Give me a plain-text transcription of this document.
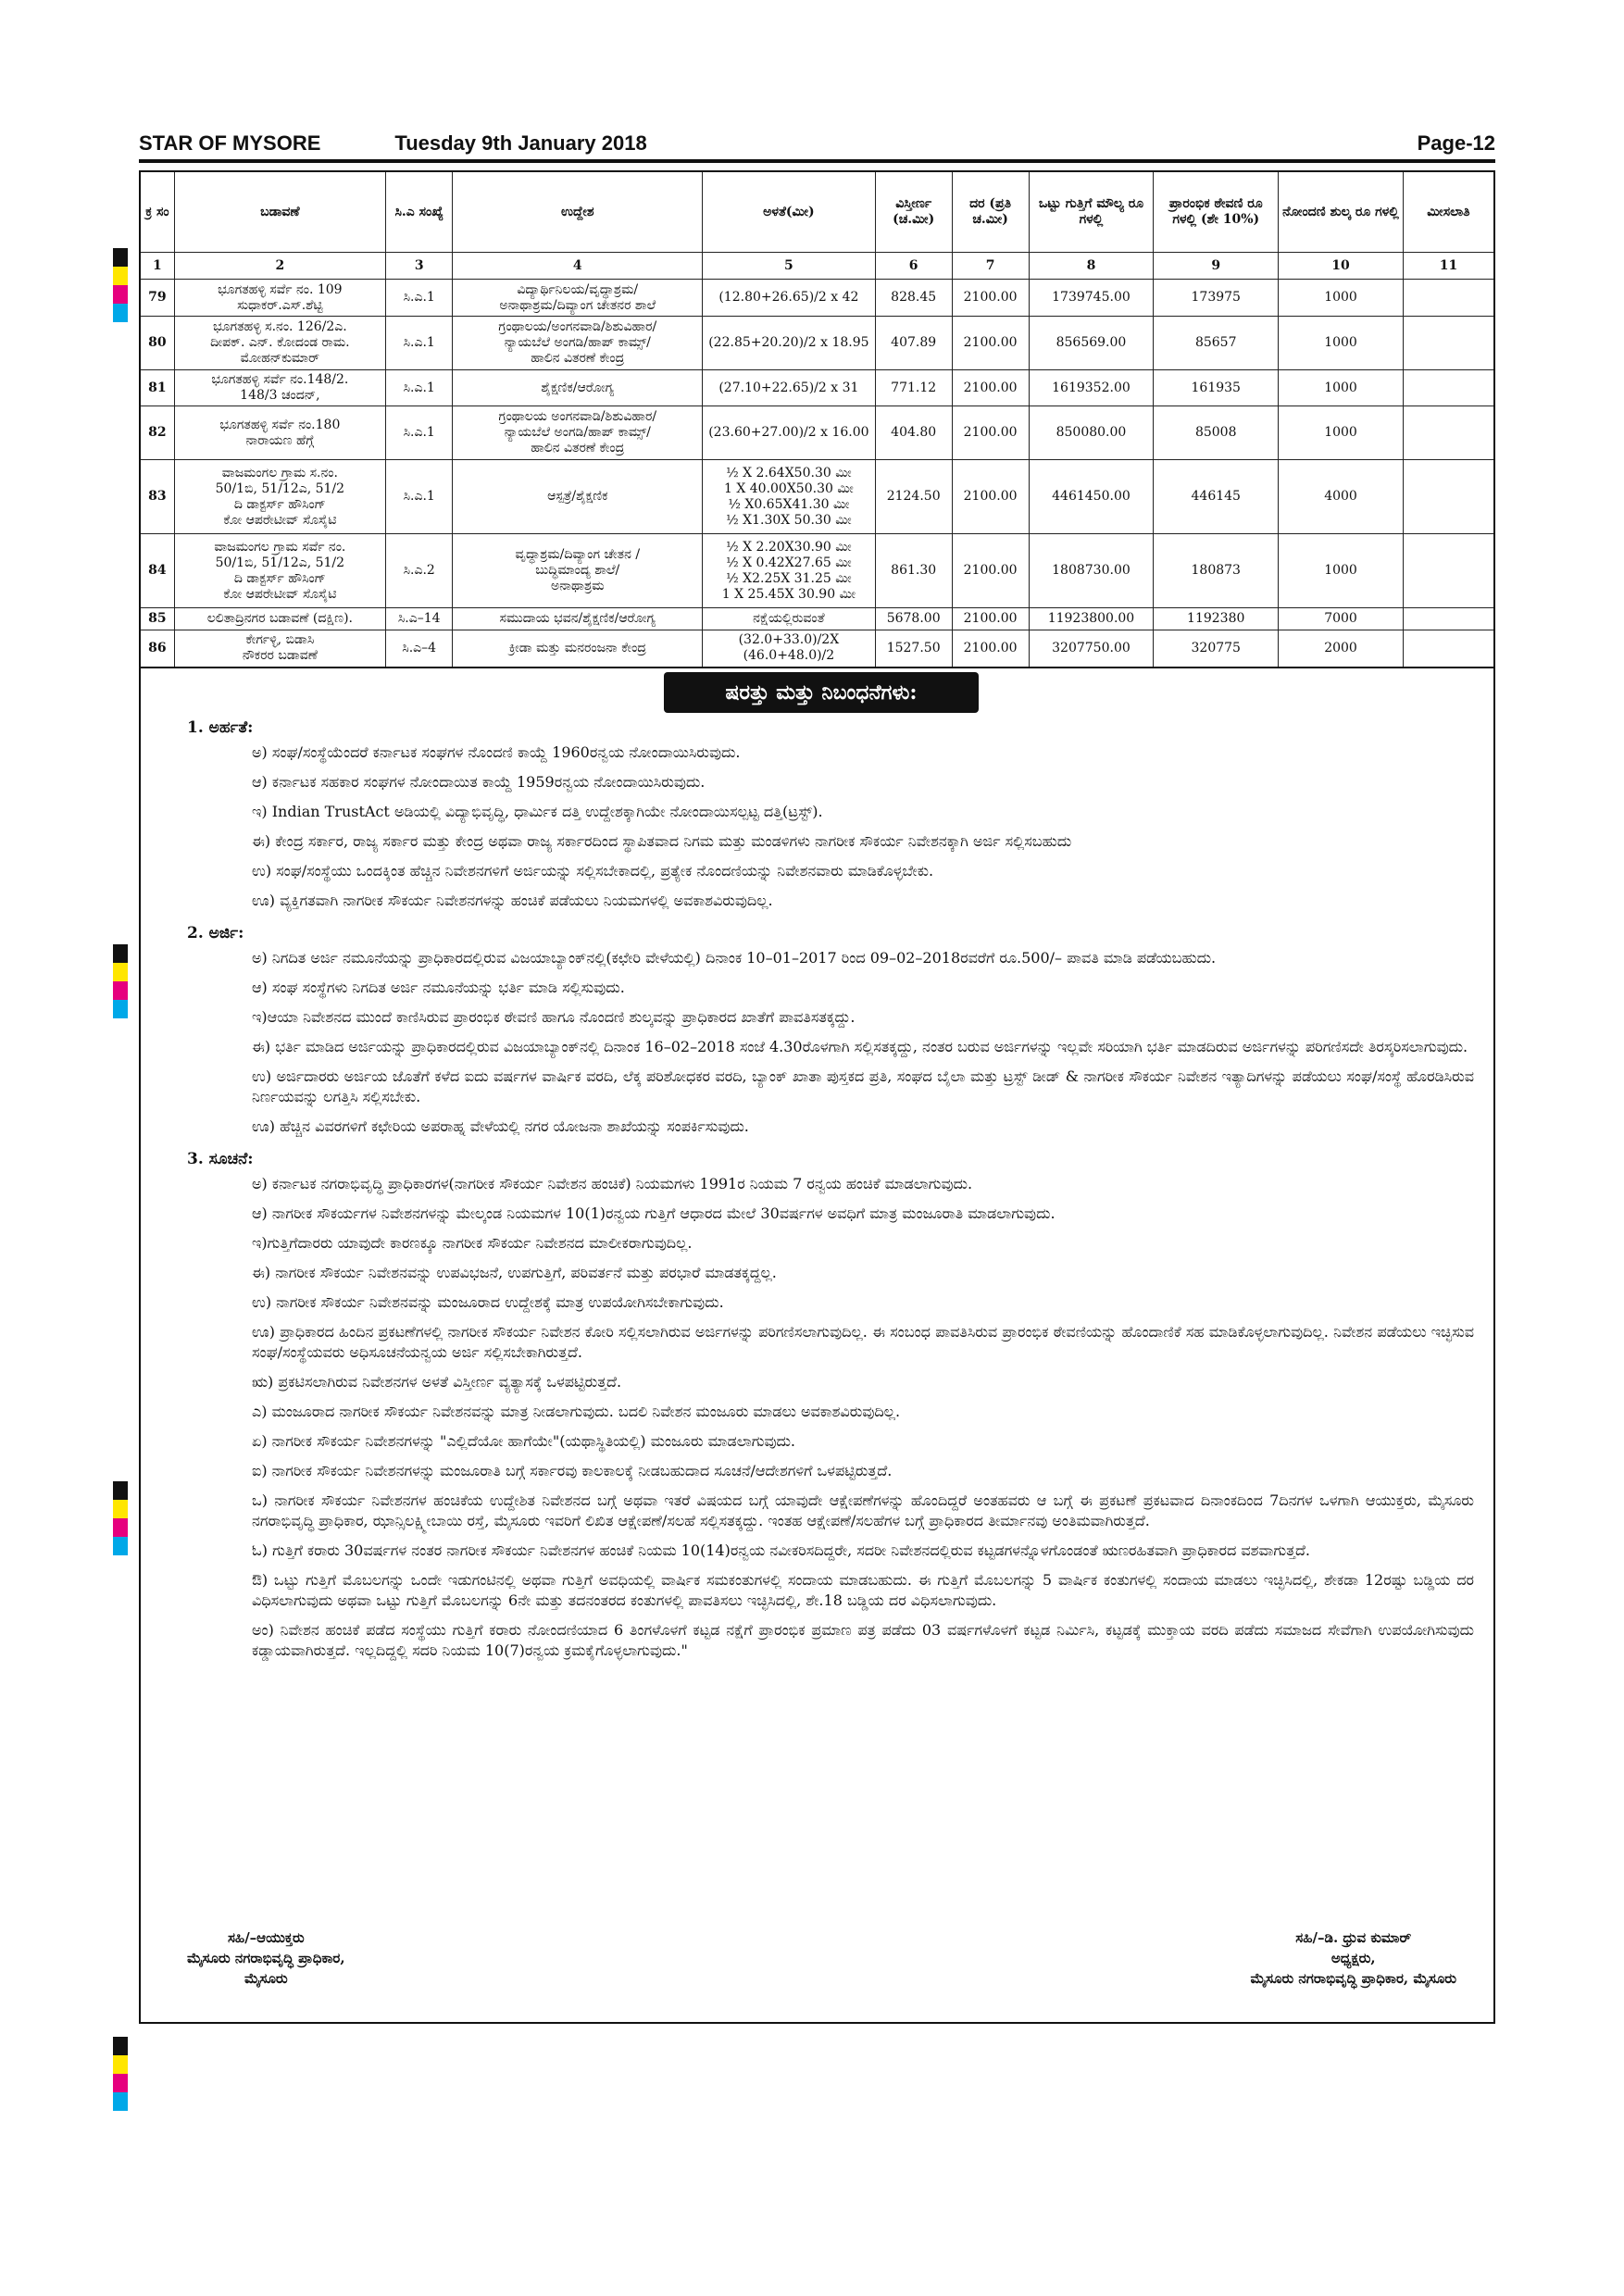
STAR OF MYSORE	Tuesday 9th January 2018	Page-12
ಕ್ರ ಸಂ	ಬಡಾವಣೆ	ಸಿ.ಎ ಸಂಖ್ಯೆ	ಉದ್ದೇಶ	ಅಳತೆ(ಮೀ)	ವಿಸ್ತೀರ್ಣ (ಚ.ಮೀ)	ದರ (ಪ್ರತಿ ಚ.ಮೀ)	ಒಟ್ಟು ಗುತ್ತಿಗೆ ಮೌಲ್ಯ ರೂ ಗಳಲ್ಲಿ	ಪ್ರಾರಂಭಿಕ ಠೇವಣಿ ರೂ ಗಳಲ್ಲಿ (ಶೇ 10%)	ನೋಂದಣಿ ಶುಲ್ಕ ರೂ ಗಳಲ್ಲಿ	ಮೀಸಲಾತಿ
1	2	3	4	5	6	7	8	9	10	11
79	ಭೂಗತಹಳ್ಳಿ ಸರ್ವೆ ನಂ. 109
ಸುಧಾಕರ್.ಎಸ್.ಶೆಟ್ಟಿ	ಸಿ.ಎ.1	ವಿದ್ಯಾರ್ಥಿನಿಲಯ/ವೃದ್ಧಾಶ್ರಮ/
ಅನಾಥಾಶ್ರಮ/ದಿವ್ಯಾಂಗ ಚೇತನರ ಶಾಲೆ	(12.80+26.65)/2 x 42	828.45	2100.00	1739745.00	173975	1000	
80	ಭೂಗತಹಳ್ಳಿ ಸ.ನಂ. 126/2ಎ.
ದೀಪಕ್. ಎನ್. ಕೋದಂಡ ರಾಮ.
ಮೋಹನ್‌ಕುಮಾರ್	ಸಿ.ಎ.1	ಗ್ರಂಥಾಲಯ/ಅಂಗನವಾಡಿ/ಶಿಶುವಿಹಾರ/
ನ್ಯಾಯಬೆಲೆ ಅಂಗಡಿ/ಹಾಪ್ ಕಾಮ್ಸ್/
ಹಾಲಿನ ವಿತರಣೆ ಕೇಂದ್ರ	(22.85+20.20)/2 x 18.95	407.89	2100.00	856569.00	85657	1000	
81	ಭೂಗತಹಳ್ಳಿ ಸರ್ವೆ ನಂ.148/2.
148/3 ಚಂದನ್,	ಸಿ.ಎ.1	ಶೈಕ್ಷಣಿಕ/ಆರೋಗ್ಯ	(27.10+22.65)/2 x 31	771.12	2100.00	1619352.00	161935	1000	
82	ಭೂಗತಹಳ್ಳಿ ಸರ್ವೆ ನಂ.180
ನಾರಾಯಣ ಹೆಗ್ಗೆ	ಸಿ.ಎ.1	ಗ್ರಂಥಾಲಯ ಅಂಗನವಾಡಿ/ಶಿಶುವಿಹಾರ/
ನ್ಯಾಯಬೆಲೆ ಅಂಗಡಿ/ಹಾಪ್ ಕಾಮ್ಸ್/
ಹಾಲಿನ ವಿತರಣೆ ಕೇಂದ್ರ	(23.60+27.00)/2 x 16.00	404.80	2100.00	850080.00	85008	1000	
83	ವಾಜಮಂಗಲ ಗ್ರಾಮ ಸ.ನಂ.
50/1ಬಿ, 51/12ಎ, 51/2
ದಿ ಡಾಕ್ಟರ್ಸ್ ಹೌಸಿಂಗ್
ಕೋ ಆಪರೇಟೀವ್ ಸೊಸೈಟಿ	ಸಿ.ಎ.1	ಆಸ್ಪತ್ರೆ/ಶೈಕ್ಷಣಿಕ	½ X 2.64X50.30 ಮೀ
1 X 40.00X50.30 ಮೀ
½ X0.65X41.30 ಮೀ
½ X1.30X 50.30 ಮೀ	2124.50	2100.00	4461450.00	446145	4000	
84	ವಾಜಮಂಗಲ ಗ್ರಾಮ ಸರ್ವೆ ನಂ.
50/1ಬಿ, 51/12ಎ, 51/2
ದಿ ಡಾಕ್ಟರ್ಸ್ ಹೌಸಿಂಗ್
ಕೋ ಆಪರೇಟೀವ್ ಸೊಸೈಟಿ	ಸಿ.ಎ.2	ವೃದ್ಧಾಶ್ರಮ/ದಿವ್ಯಾಂಗ ಚೇತನ /
ಬುದ್ಧಿಮಾಂದ್ಯ ಶಾಲೆ/
ಅನಾಥಾಶ್ರಮ	½ X 2.20X30.90 ಮೀ
½ X 0.42X27.65 ಮೀ
½ X2.25X 31.25 ಮೀ
1 X 25.45X 30.90 ಮೀ	861.30	2100.00	1808730.00	180873	1000	
85	ಲಲಿತಾದ್ರಿನಗರ ಬಡಾವಣೆ (ದಕ್ಷಿಣ).	ಸಿ.ಎ–14	ಸಮುದಾಯ ಭವನ/ಶೈಕ್ಷಣಿಕ/ಆರೋಗ್ಯ	ನಕ್ಷೆಯಲ್ಲಿರುವಂತೆ	5678.00	2100.00	11923800.00	1192380	7000	
86	ಕೇರ್ಗಳ್ಳಿ, ಬಿಡಾಸಿ
ನೌಕರರ ಬಡಾವಣೆ	ಸಿ.ಎ–4	ಕ್ರೀಡಾ ಮತ್ತು ಮನರಂಜನಾ ಕೇಂದ್ರ	(32.0+33.0)/2X
(46.0+48.0)/2	1527.50	2100.00	3207750.00	320775	2000	
ಷರತ್ತು ಮತ್ತು ನಿಬಂಧನೆಗಳು:
1. ಅರ್ಹತೆ:
ಅ) ಸಂಘ/ಸಂಸ್ಥೆಯೆಂದರೆ ಕರ್ನಾಟಕ ಸಂಘಗಳ ನೊಂದಣಿ ಕಾಯ್ದೆ 1960ರನ್ವಯ ನೋಂದಾಯಿಸಿರುವುದು.
ಆ) ಕರ್ನಾಟಕ ಸಹಕಾರ ಸಂಘಗಳ ನೋಂದಾಯಿತ ಕಾಯ್ದೆ 1959ರನ್ವಯ ನೋಂದಾಯಿಸಿರುವುದು.
ಇ) Indian TrustAct ಅಡಿಯಲ್ಲಿ ವಿದ್ಯಾಭಿವೃದ್ಧಿ, ಧಾರ್ಮಿಕ ದತ್ತಿ ಉದ್ದೇಶಕ್ಕಾಗಿಯೇ ನೋಂದಾಯಿಸಲ್ಪಟ್ಟ ದತ್ತಿ(ಟ್ರಸ್ಟ್).
ಈ) ಕೇಂದ್ರ ಸರ್ಕಾರ, ರಾಜ್ಯ ಸರ್ಕಾರ ಮತ್ತು ಕೇಂದ್ರ ಅಥವಾ ರಾಜ್ಯ ಸರ್ಕಾರದಿಂದ ಸ್ಥಾಪಿತವಾದ ನಿಗಮ ಮತ್ತು ಮಂಡಳಿಗಳು ನಾಗರೀಕ ಸೌಕರ್ಯ ನಿವೇಶನಕ್ಕಾಗಿ ಅರ್ಜಿ ಸಲ್ಲಿಸಬಹುದು
ಉ) ಸಂಘ/ಸಂಸ್ಥೆಯು ಒಂದಕ್ಕಿಂತ ಹೆಚ್ಚಿನ ನಿವೇಶನಗಳಿಗೆ ಅರ್ಜಿಯನ್ನು ಸಲ್ಲಿಸಬೇಕಾದಲ್ಲಿ, ಪ್ರತ್ಯೇಕ ನೊಂದಣಿಯನ್ನು ನಿವೇಶನವಾರು ಮಾಡಿಕೊಳ್ಳಬೇಕು.
ಊ) ವ್ಯಕ್ತಿಗತವಾಗಿ ನಾಗರೀಕ ಸೌಕರ್ಯ ನಿವೇಶನಗಳನ್ನು ಹಂಚಿಕೆ ಪಡೆಯಲು ನಿಯಮಗಳಲ್ಲಿ ಅವಕಾಶವಿರುವುದಿಲ್ಲ.
2. ಅರ್ಜಿ:
ಅ) ನಿಗದಿತ ಅರ್ಜಿ ನಮೂನೆಯನ್ನು ಪ್ರಾಧಿಕಾರದಲ್ಲಿರುವ ವಿಜಯಾಬ್ಯಾಂಕ್‌ನಲ್ಲಿ(ಕಛೇರಿ ವೇಳೆಯಲ್ಲಿ) ದಿನಾಂಕ 10–01–2017 ರಿಂದ 09–02–2018ರವರೆಗೆ ರೂ.500/– ಪಾವತಿ ಮಾಡಿ ಪಡೆಯಬಹುದು.
ಆ) ಸಂಘ ಸಂಸ್ಥೆಗಳು ನಿಗದಿತ ಅರ್ಜಿ ನಮೂನೆಯನ್ನು ಭರ್ತಿ ಮಾಡಿ ಸಲ್ಲಿಸುವುದು.
ಇ)ಆಯಾ ನಿವೇಶನದ ಮುಂದೆ ಕಾಣಿಸಿರುವ ಪ್ರಾರಂಭಿಕ ಠೇವಣಿ ಹಾಗೂ ನೊಂದಣಿ ಶುಲ್ಕವನ್ನು ಪ್ರಾಧಿಕಾರದ ಖಾತೆಗೆ ಪಾವತಿಸತಕ್ಕದ್ದು.
ಈ) ಭರ್ತಿ ಮಾಡಿದ ಅರ್ಜಿಯನ್ನು ಪ್ರಾಧಿಕಾರದಲ್ಲಿರುವ ವಿಜಯಾಬ್ಯಾಂಕ್‌ನಲ್ಲಿ ದಿನಾಂಕ 16–02–2018 ಸಂಜೆ 4.30ರೊಳಗಾಗಿ ಸಲ್ಲಿಸತಕ್ಕದ್ದು, ನಂತರ ಬರುವ ಅರ್ಜಿಗಳನ್ನು ಇಲ್ಲವೇ ಸರಿಯಾಗಿ ಭರ್ತಿ ಮಾಡದಿರುವ ಅರ್ಜಿಗಳನ್ನು ಪರಿಗಣಿಸದೇ ತಿರಸ್ಕರಿಸಲಾಗುವುದು.
ಉ) ಅರ್ಜಿದಾರರು ಅರ್ಜಿಯ ಜೊತೆಗೆ ಕಳೆದ ಐದು ವರ್ಷಗಳ ವಾರ್ಷಿಕ ವರದಿ, ಲೆಕ್ಕ ಪರಿಶೋಧಕರ ವರದಿ, ಬ್ಯಾಂಕ್ ಖಾತಾ ಪುಸ್ತಕದ ಪ್ರತಿ, ಸಂಘದ ಬೈಲಾ ಮತ್ತು ಟ್ರಸ್ಟ್ ಡೀಡ್ & ನಾಗರೀಕ ಸೌಕರ್ಯ ನಿವೇಶನ ಇತ್ಯಾದಿಗಳನ್ನು ಪಡೆಯಲು ಸಂಘ/ಸಂಸ್ಥೆ ಹೊರಡಿಸಿರುವ ನಿರ್ಣಯವನ್ನು ಲಗತ್ತಿಸಿ ಸಲ್ಲಿಸಬೇಕು.
ಊ) ಹೆಚ್ಚಿನ ವಿವರಗಳಿಗೆ ಕಛೇರಿಯ ಅಪರಾಹ್ನ ವೇಳೆಯಲ್ಲಿ ನಗರ ಯೋಜನಾ ಶಾಖೆಯನ್ನು ಸಂಪರ್ಕಿಸುವುದು.
3. ಸೂಚನೆ:
ಅ) ಕರ್ನಾಟಕ ನಗರಾಭಿವೃದ್ಧಿ ಪ್ರಾಧಿಕಾರಗಳ(ನಾಗರೀಕ ಸೌಕರ್ಯ ನಿವೇಶನ ಹಂಚಿಕೆ) ನಿಯಮಗಳು 1991ರ ನಿಯಮ 7 ರನ್ವಯ ಹಂಚಿಕೆ ಮಾಡಲಾಗುವುದು.
ಆ) ನಾಗರೀಕ ಸೌಕರ್ಯಗಳ ನಿವೇಶನಗಳನ್ನು ಮೇಲ್ಕಂಡ ನಿಯಮಗಳ 10(1)ರನ್ವಯ ಗುತ್ತಿಗೆ ಆಧಾರದ ಮೇಲೆ 30ವರ್ಷಗಳ ಅವಧಿಗೆ ಮಾತ್ರ ಮಂಜೂರಾತಿ ಮಾಡಲಾಗುವುದು.
ಇ)ಗುತ್ತಿಗೆದಾರರು ಯಾವುದೇ ಕಾರಣಕ್ಕೂ ನಾಗರೀಕ ಸೌಕರ್ಯ ನಿವೇಶನದ ಮಾಲೀಕರಾಗುವುದಿಲ್ಲ.
ಈ) ನಾಗರೀಕ ಸೌಕರ್ಯ ನಿವೇಶನವನ್ನು ಉಪವಿಭಜನೆ, ಉಪಗುತ್ತಿಗೆ, ಪರಿವರ್ತನೆ ಮತ್ತು ಪರಭಾರೆ ಮಾಡತಕ್ಕದ್ದಲ್ಲ.
ಉ) ನಾಗರೀಕ ಸೌಕರ್ಯ ನಿವೇಶನವನ್ನು ಮಂಜೂರಾದ ಉದ್ದೇಶಕ್ಕೆ ಮಾತ್ರ ಉಪಯೋಗಿಸಬೇಕಾಗುವುದು.
ಊ) ಪ್ರಾಧಿಕಾರದ ಹಿಂದಿನ ಪ್ರಕಟಣೆಗಳಲ್ಲಿ ನಾಗರೀಕ ಸೌಕರ್ಯ ನಿವೇಶನ ಕೋರಿ ಸಲ್ಲಿಸಲಾಗಿರುವ ಅರ್ಜಿಗಳನ್ನು ಪರಿಗಣಿಸಲಾಗುವುದಿಲ್ಲ. ಈ ಸಂಬಂಧ ಪಾವತಿಸಿರುವ ಪ್ರಾರಂಭಿಕ ಠೇವಣಿಯನ್ನು ಹೊಂದಾಣಿಕೆ ಸಹ ಮಾಡಿಕೊಳ್ಳಲಾಗುವುದಿಲ್ಲ. ನಿವೇಶನ ಪಡೆಯಲು ಇಚ್ಛಿಸುವ ಸಂಘ/ಸಂಸ್ಥೆಯವರು ಅಧಿಸೂಚನೆಯನ್ವಯ ಅರ್ಜಿ ಸಲ್ಲಿಸಬೇಕಾಗಿರುತ್ತದೆ.
ಋ) ಪ್ರಕಟಿಸಲಾಗಿರುವ ನಿವೇಶನಗಳ ಅಳತೆ ವಿಸ್ತೀರ್ಣ ವ್ಯತ್ಯಾಸಕ್ಕೆ ಒಳಪಟ್ಟಿರುತ್ತದೆ.
ಎ) ಮಂಜೂರಾದ ನಾಗರೀಕ ಸೌಕರ್ಯ ನಿವೇಶನವನ್ನು ಮಾತ್ರ ನೀಡಲಾಗುವುದು. ಬದಲಿ ನಿವೇಶನ ಮಂಜೂರು ಮಾಡಲು ಅವಕಾಶವಿರುವುದಿಲ್ಲ.
ಏ) ನಾಗರೀಕ ಸೌಕರ್ಯ ನಿವೇಶನಗಳನ್ನು "ಎಲ್ಲಿದೆಯೋ ಹಾಗೆಯೇ"(ಯಥಾಸ್ಥಿತಿಯಲ್ಲಿ) ಮಂಜೂರು ಮಾಡಲಾಗುವುದು.
ಐ) ನಾಗರೀಕ ಸೌಕರ್ಯ ನಿವೇಶನಗಳನ್ನು ಮಂಜೂರಾತಿ ಬಗ್ಗೆ ಸರ್ಕಾರವು ಕಾಲಕಾಲಕ್ಕೆ ನೀಡಬಹುದಾದ ಸೂಚನೆ/ಆದೇಶಗಳಿಗೆ ಒಳಪಟ್ಟಿರುತ್ತದೆ.
ಒ) ನಾಗರೀಕ ಸೌಕರ್ಯ ನಿವೇಶನಗಳ ಹಂಚಿಕೆಯ ಉದ್ದೇಶಿತ ನಿವೇಶನದ ಬಗ್ಗೆ ಅಥವಾ ಇತರೆ ವಿಷಯದ ಬಗ್ಗೆ ಯಾವುದೇ ಆಕ್ಷೇಪಣೆಗಳನ್ನು ಹೊಂದಿದ್ದರೆ ಅಂತಹವರು ಆ ಬಗ್ಗೆ ಈ ಪ್ರಕಟಣೆ ಪ್ರಕಟವಾದ ದಿನಾಂಕದಿಂದ 7ದಿನಗಳ ಒಳಗಾಗಿ ಆಯುಕ್ತರು, ಮೈಸೂರು ನಗರಾಭಿವೃದ್ಧಿ ಪ್ರಾಧಿಕಾರ, ಝಾನ್ಸಿಲಕ್ಷ್ಮೀಬಾಯಿ ರಸ್ತೆ, ಮೈಸೂರು ಇವರಿಗೆ ಲಿಖಿತ ಆಕ್ಷೇಪಣೆ/ಸಲಹೆ ಸಲ್ಲಿಸತಕ್ಕದ್ದು. ಇಂತಹ ಆಕ್ಷೇಪಣೆ/ಸಲಹೆಗಳ ಬಗ್ಗೆ ಪ್ರಾಧಿಕಾರದ ತೀರ್ಮಾನವು ಅಂತಿಮವಾಗಿರುತ್ತದೆ.
ಓ) ಗುತ್ತಿಗೆ ಕರಾರು 30ವರ್ಷಗಳ ನಂತರ ನಾಗರೀಕ ಸೌಕರ್ಯ ನಿವೇಶನಗಳ ಹಂಚಿಕೆ ನಿಯಮ 10(14)ರನ್ವಯ ನವೀಕರಿಸದಿದ್ದರೇ, ಸದರೀ ನಿವೇಶನದಲ್ಲಿರುವ ಕಟ್ಟಡಗಳನ್ನೊಳಗೊಂಡಂತೆ ಋಣರಹಿತವಾಗಿ ಪ್ರಾಧಿಕಾರದ ವಶವಾಗುತ್ತದೆ.
ಔ) ಒಟ್ಟು ಗುತ್ತಿಗೆ ಮೊಬಲಗನ್ನು ಒಂದೇ ಇಡುಗಂಟಿನಲ್ಲಿ ಅಥವಾ ಗುತ್ತಿಗೆ ಅವಧಿಯಲ್ಲಿ ವಾರ್ಷಿಕ ಸಮಕಂತುಗಳಲ್ಲಿ ಸಂದಾಯ ಮಾಡಬಹುದು. ಈ ಗುತ್ತಿಗೆ ಮೊಬಲಗನ್ನು 5 ವಾರ್ಷಿಕ ಕಂತುಗಳಲ್ಲಿ ಸಂದಾಯ ಮಾಡಲು ಇಚ್ಛಿಸಿದಲ್ಲಿ, ಶೇಕಡಾ 12ರಷ್ಟು ಬಡ್ಡಿಯ ದರ ವಿಧಿಸಲಾಗುವುದು ಅಥವಾ ಒಟ್ಟು ಗುತ್ತಿಗೆ ಮೊಬಲಗನ್ನು 6ನೇ ಮತ್ತು ತದನಂತರದ ಕಂತುಗಳಲ್ಲಿ ಪಾವತಿಸಲು ಇಚ್ಛಿಸಿದಲ್ಲಿ, ಶೇ.18 ಬಡ್ಡಿಯ ದರ ವಿಧಿಸಲಾಗುವುದು.
ಅಂ) ನಿವೇಶನ ಹಂಚಿಕೆ ಪಡೆದ ಸಂಸ್ಥೆಯು ಗುತ್ತಿಗೆ ಕರಾರು ನೋಂದಣಿಯಾದ 6 ತಿಂಗಳೊಳಗೆ ಕಟ್ಟಡ ನಕ್ಷೆಗೆ ಪ್ರಾರಂಭಿಕ ಪ್ರಮಾಣ ಪತ್ರ ಪಡೆದು 03 ವರ್ಷಗಳೊಳಗೆ ಕಟ್ಟಡ ನಿರ್ಮಿಸಿ, ಕಟ್ಟಡಕ್ಕೆ ಮುಕ್ತಾಯ ವರದಿ ಪಡೆದು ಸಮಾಜದ ಸೇವೆಗಾಗಿ ಉಪಯೋಗಿಸುವುದು ಕಡ್ಡಾಯವಾಗಿರುತ್ತದೆ. ಇಲ್ಲದಿದ್ದಲ್ಲಿ ಸದರಿ ನಿಯಮ 10(7)ರನ್ವಯ ಕ್ರಮಕೈಗೊಳ್ಳಲಾಗುವುದು."
ಸಹಿ/–ಆಯುಕ್ತರು
ಮೈಸೂರು ನಗರಾಭಿವೃದ್ಧಿ ಪ್ರಾಧಿಕಾರ,
ಮೈಸೂರು
ಸಹಿ/–ಡಿ. ಧ್ರುವ ಕುಮಾರ್
ಅಧ್ಯಕ್ಷರು,
ಮೈಸೂರು ನಗರಾಭಿವೃದ್ಧಿ ಪ್ರಾಧಿಕಾರ, ಮೈಸೂರು
